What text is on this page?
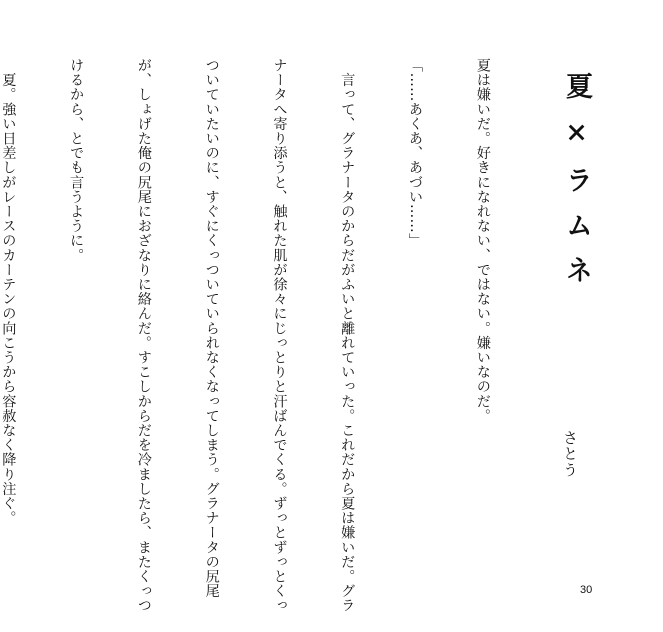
夏×ラムネ
さとう

夏は嫌いだ。好きになれない、ではない。嫌いなのだ。

「……あくあ、あづい……」

　言って、グラナータのからだがふいと離れていった。これだから夏は嫌いだ。グラ

ナータへ寄り添うと、触れた肌が徐々にじっとりと汗ばんでくる。ずっとずっとくっ

ついていたいのに、すぐにくっついていられなくなってしまう。グラナータの尻尾

が、しょげた俺の尻尾におざなりに絡んだ。すこしからだを冷ましたら、またくっつ

けるから、とでも言うように。

　夏。強い日差しがレースのカーテンの向こうから容赦なく降り注ぐ。

30
